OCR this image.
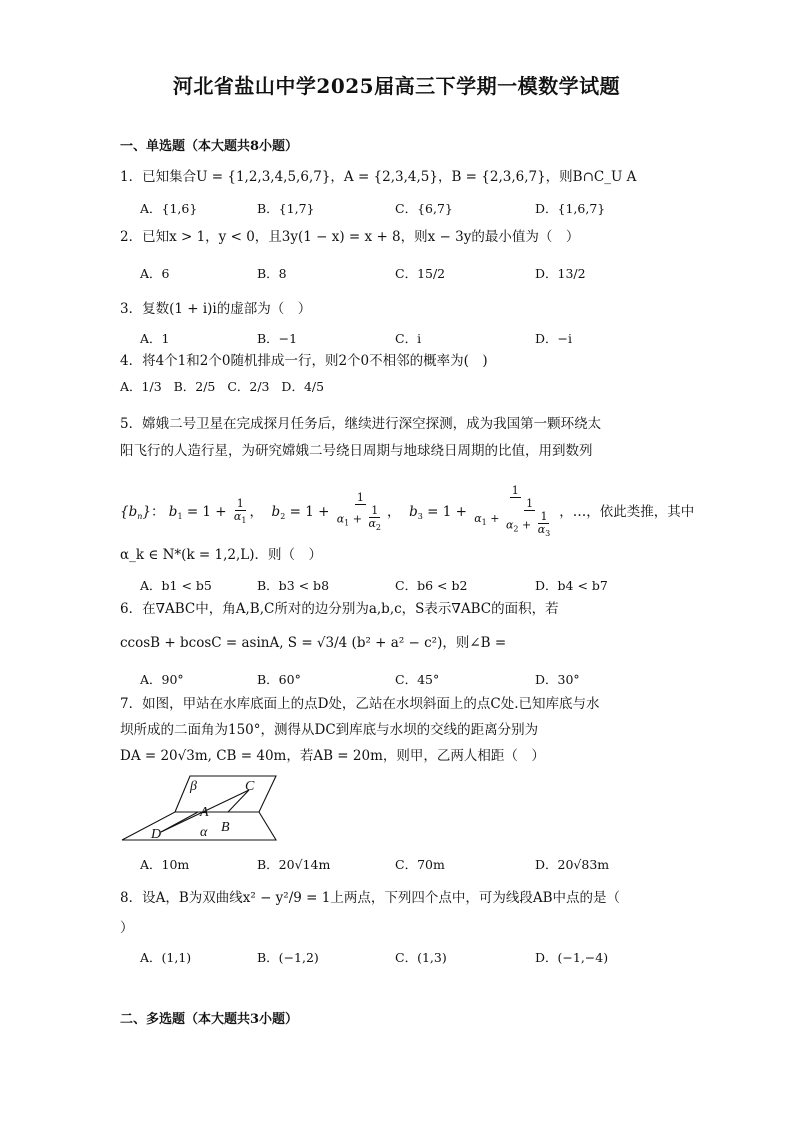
河北省盐山中学2025届高三下学期一模数学试题
一、单选题（本大题共8小题）
1．已知集合U = {1,2,3,4,5,6,7}，A = {2,3,4,5}，B = {2,3,6,7}，则B∩C_U A
A．{1,6}	B．{1,7}	C．{6,7}	D．{1,6,7}
2．已知x > 1，y < 0，且3y(1 − x) = x + 8，则x − 3y的最小值为（　）
A．6	B．8	C．15/2	D．13/2
3．复数(1 + i)i的虚部为（　）
A．1	B．−1	C．i	D．−i
4．将4个1和2个0随机排成一行，则2个0不相邻的概率为(　)
A．1/3 B．2/5 C．2/3 D．4/5
5．嫦娥二号卫星在完成探月任务后，继续进行深空探测，成为我国第一颗环绕太
阳飞行的人造行星，为研究嫦娥二号绕日周期与地球绕日周期的比值，用到数列
$\{b_n\}$： $b_1 = 1 + \frac{1}{\alpha_1}$ ，  $b_2 = 1 + \frac{1}{\alpha_1 + \frac{1}{\alpha_2}}$ ，  $b_3 = 1 + \frac{1}{\alpha_1 + \frac{1}{\alpha_2 + \frac{1}{\alpha_3}}}$ ，…，依此类推，其中
α_k ∈ N*(k = 1,2,L)．则（　）
A．b1 < b5	B．b3 < b8	C．b6 < b2	D．b4 < b7
6．在∇ABC中，角A,B,C所对的边分别为a,b,c，S表示∇ABC的面积，若
ccosB + bcosC = asinA, S = √3/4 (b² + a² − c²)，则∠B =
A．90°	B．60°	C．45°	D．30°
7．如图，甲站在水库底面上的点D处，乙站在水坝斜面上的点C处.已知库底与水
坝所成的二面角为150°，测得从DC到库底与水坝的交线的距离分别为
DA = 20√3m, CB = 40m，若AB = 20m，则甲，乙两人相距（　）
β	C
A
D	α B
A．10m	B．20√14m	C．70m	D．20√83m
8．设A，B为双曲线x² − y²/9 = 1上两点，下列四个点中，可为线段AB中点的是（
）
A．(1,1)	B．(−1,2)	C．(1,3)	D．(−1,−4)
二、多选题（本大题共3小题）
